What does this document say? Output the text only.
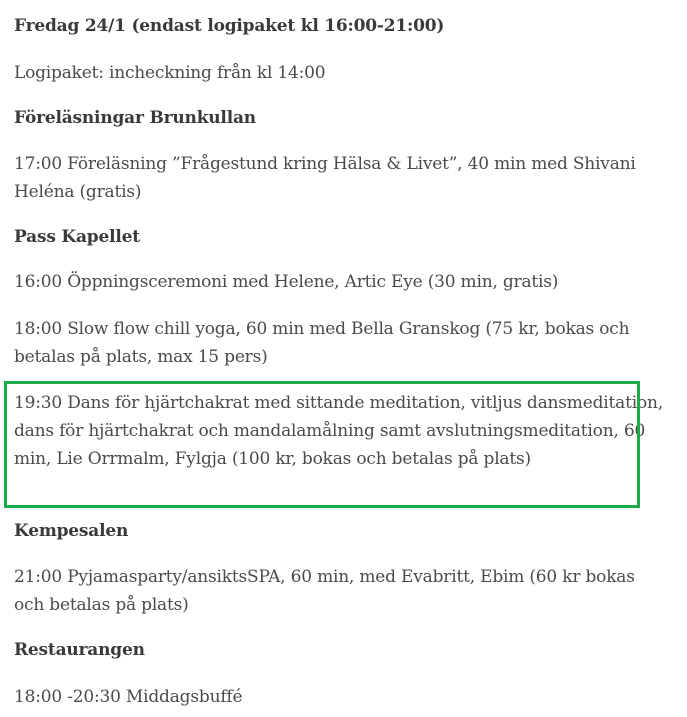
Fredag 24/1 (endast logipaket kl 16:00-21:00)

Logipaket: incheckning från kl 14:00

Föreläsningar Brunkullan

17:00 Föreläsning ”Frågestund kring Hälsa & Livet”, 40 min med Shivani Heléna (gratis)

Pass Kapellet

16:00 Öppningsceremoni med Helene, Artic Eye (30 min, gratis)

18:00 Slow flow chill yoga, 60 min med Bella Granskog (75 kr, bokas och betalas på plats, max 15 pers)

19:30 Dans för hjärtchakrat med sittande meditation, vitljus dansmeditation, dans för hjärtchakrat och mandalamålning samt avslutningsmeditation, 60 min, Lie Orrmalm, Fylgja (100 kr, bokas och betalas på plats)

Kempesalen

21:00 Pyjamasparty/ansiktsSPA, 60 min, med Evabritt, Ebim (60 kr bokas och betalas på plats)

Restaurangen

18:00 -20:30 Middagsbuffé
